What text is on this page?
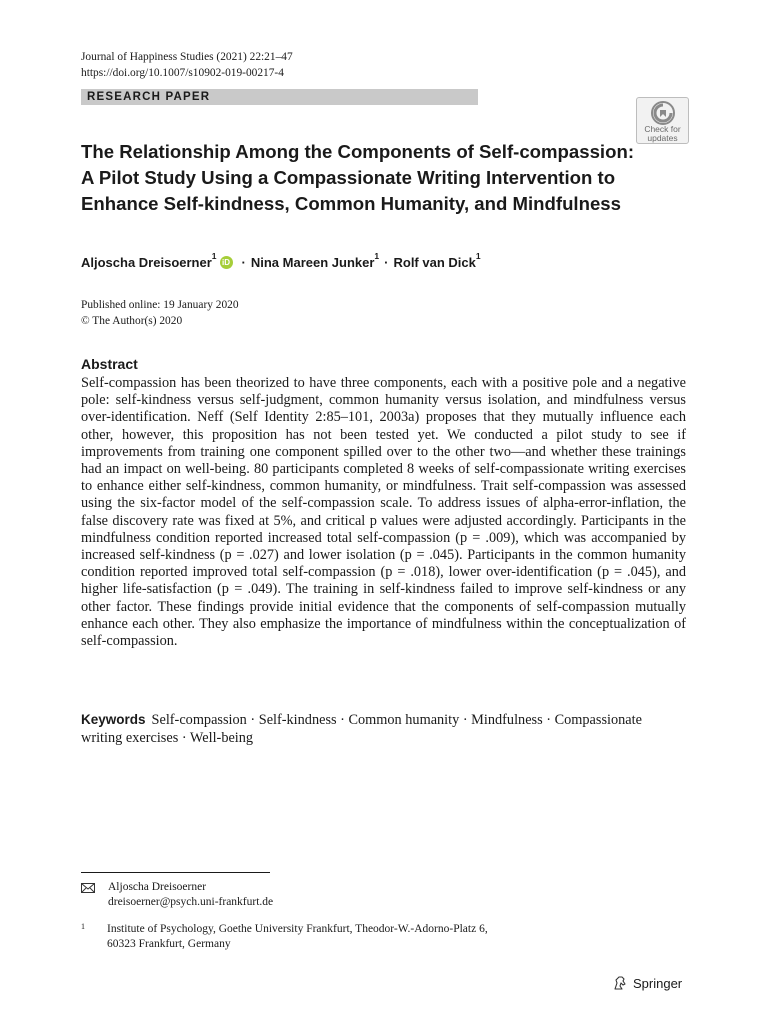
Journal of Happiness Studies (2021) 22:21–47
https://doi.org/10.1007/s10902-019-00217-4
RESEARCH PAPER
Check for
updates
The Relationship Among the Components of Self-compassion: A Pilot Study Using a Compassionate Writing Intervention to Enhance Self-kindness, Common Humanity, and Mindfulness
Aljoscha Dreisoerner$^1$
iD · Nina Mareen Junker$^1$ · Rolf van Dick$^1$
Published online: 19 January 2020
© The Author(s) 2020
Abstract

Self-compassion has been theorized to have three components, each with a positive pole and a negative pole: self-kindness versus self-judgment, common humanity versus isolation, and mindfulness versus over-identification. Neff (Self Identity 2:85–101, 2003a) proposes that they mutually influence each other, however, this proposition has not been tested yet. We conducted a pilot study to see if improvements from training one component spilled over to the other two—and whether these trainings had an impact on well-being. 80 participants completed 8 weeks of self-compassionate writing exercises to enhance either self-kindness, common humanity, or mindfulness. Trait self-compassion was assessed using the six-factor model of the self-compassion scale. To address issues of alpha-error-inflation, the false discovery rate was fixed at 5%, and critical p values were adjusted accordingly. Participants in the mindfulness condition reported increased total self-compassion (p = .009), which was accompanied by increased self-kindness (p = .027) and lower isolation (p = .045). Participants in the common humanity condition reported improved total self-compassion (p = .018), lower over-identification (p = .045), and higher life-satisfaction (p = .049). The training in self-kindness failed to improve self-kindness or any other factor. These findings provide initial evidence that the components of self-compassion mutually enhance each other. They also emphasize the importance of mindfulness within the conceptualization of self-compassion.

Keywords Self-compassion · Self-kindness · Common humanity · Mindfulness · Compassionate writing exercises · Well-being

Aljoscha Dreisoerner
dreisoerner@psych.uni-frankfurt.de
1	Institute of Psychology, Goethe University Frankfurt, Theodor-W.-Adorno-Platz 6,
60323 Frankfurt, Germany
Springer
